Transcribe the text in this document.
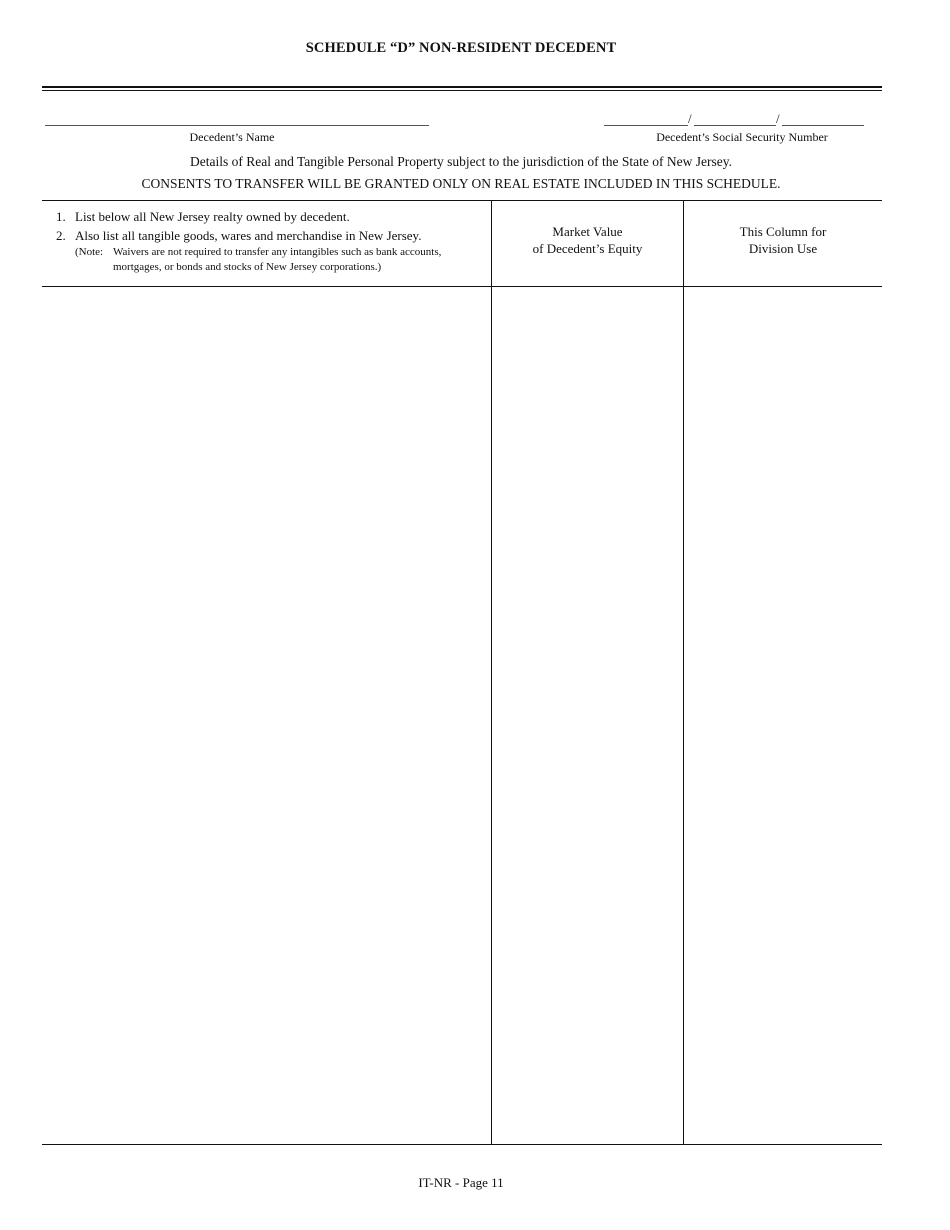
SCHEDULE “D” NON-RESIDENT DECEDENT
Decedent’s Name
/	/
Decedent’s Social Security Number
Details of Real and Tangible Personal Property subject to the jurisdiction of the State of New Jersey.
CONSENTS TO TRANSFER WILL BE GRANTED ONLY ON REAL ESTATE INCLUDED IN THIS SCHEDULE.
1. List below all New Jersey realty owned by decedent.
2. Also list all tangible goods, wares and merchandise in New Jersey.
(Note: Waivers are not required to transfer any intangibles such as bank accounts,
mortgages, or bonds and stocks of New Jersey corporations.)
Market Value
of Decedent’s Equity
This Column for
Division Use
IT-NR - Page 11
